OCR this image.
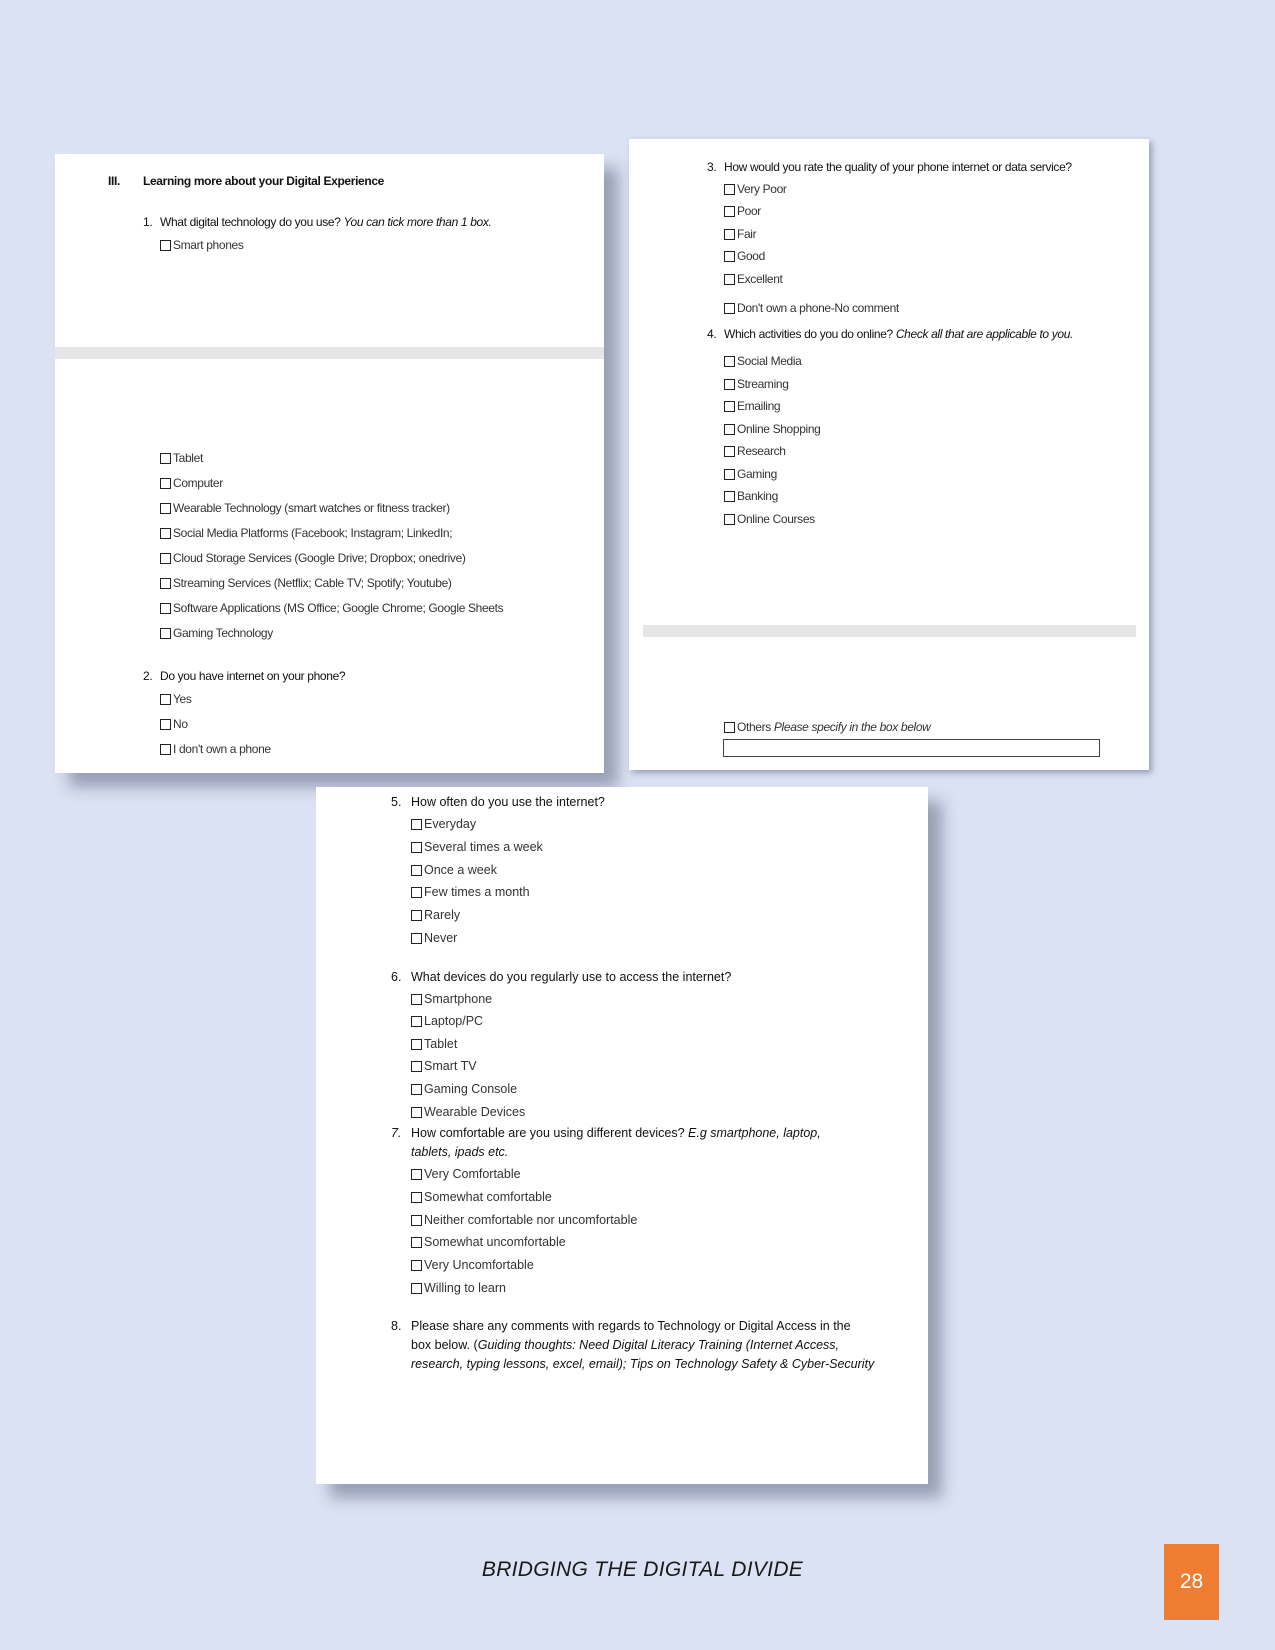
III. Learning more about your Digital Experience
1. What digital technology do you use? You can tick more than 1 box.
Smart phones
Tablet
Computer
Wearable Technology (smart watches or fitness tracker)
Social Media Platforms (Facebook; Instagram; LinkedIn;
Cloud Storage Services (Google Drive; Dropbox; onedrive)
Streaming Services (Netflix; Cable TV; Spotify; Youtube)
Software Applications (MS Office; Google Chrome; Google Sheets
Gaming Technology
2. Do you have internet on your phone?
Yes
No
I don't own a phone
3. How would you rate the quality of your phone internet or data service?
Very Poor
Poor
Fair
Good
Excellent
Don't own a phone-No comment
4. Which activities do you do online? Check all that are applicable to you.
Social Media
Streaming
Emailing
Online Shopping
Research
Gaming
Banking
Online Courses
Others
Please specify in the box below
5. How often do you use the internet?
Everyday
Several times a week
Once a week
Few times a month
Rarely
Never
6. What devices do you regularly use to access the internet?
Smartphone
Laptop/PC
Tablet
Smart TV
Gaming Console
Wearable Devices
7. How comfortable are you using different devices? E.g smartphone, laptop,
tablets, ipads etc.
Very Comfortable
Somewhat comfortable
Neither comfortable nor uncomfortable
Somewhat uncomfortable
Very Uncomfortable
Willing to learn
8. Please share any comments with regards to Technology or Digital Access in the
box below. (Guiding thoughts: Need Digital Literacy Training (Internet Access,
research, typing lessons, excel, email); Tips on Technology Safety & Cyber-Security
BRIDGING THE DIGITAL DIVIDE
28
